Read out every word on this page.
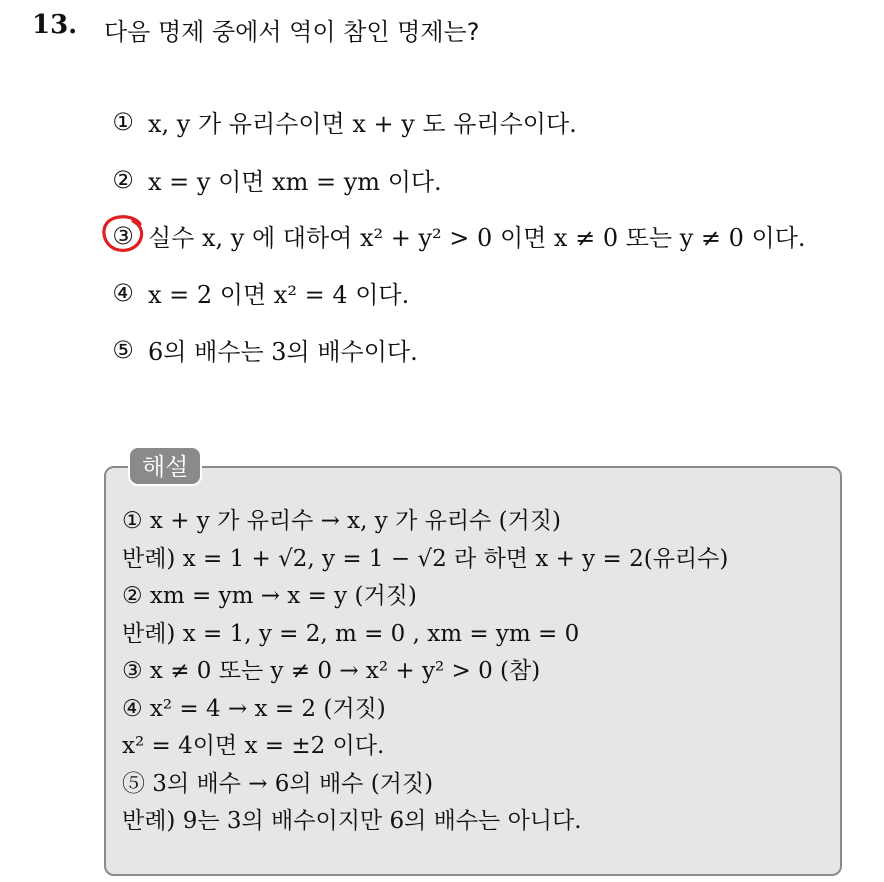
13. 다음 명제 중에서 역이 참인 명제는?
① x, y 가 유리수이면 x + y 도 유리수이다.
② x = y 이면 xm = ym 이다.
③ 실수 x, y 에 대하여 x² + y² > 0 이면 x ≠ 0 또는 y ≠ 0 이다.
④ x = 2 이면 x² = 4 이다.
⑤ 6의 배수는 3의 배수이다.
해설
① x + y 가 유리수 → x, y 가 유리수 (거짓)
반례) x = 1 + √2, y = 1 − √2 라 하면 x + y = 2(유리수)
② xm = ym → x = y (거짓)
반례) x = 1, y = 2, m = 0 , xm = ym = 0
③ x ≠ 0 또는 y ≠ 0 → x² + y² > 0 (참)
④ x² = 4 → x = 2 (거짓)
x² = 4이면 x = ±2 이다.
⑤ 3의 배수 → 6의 배수 (거짓)
반례) 9는 3의 배수이지만 6의 배수는 아니다.
